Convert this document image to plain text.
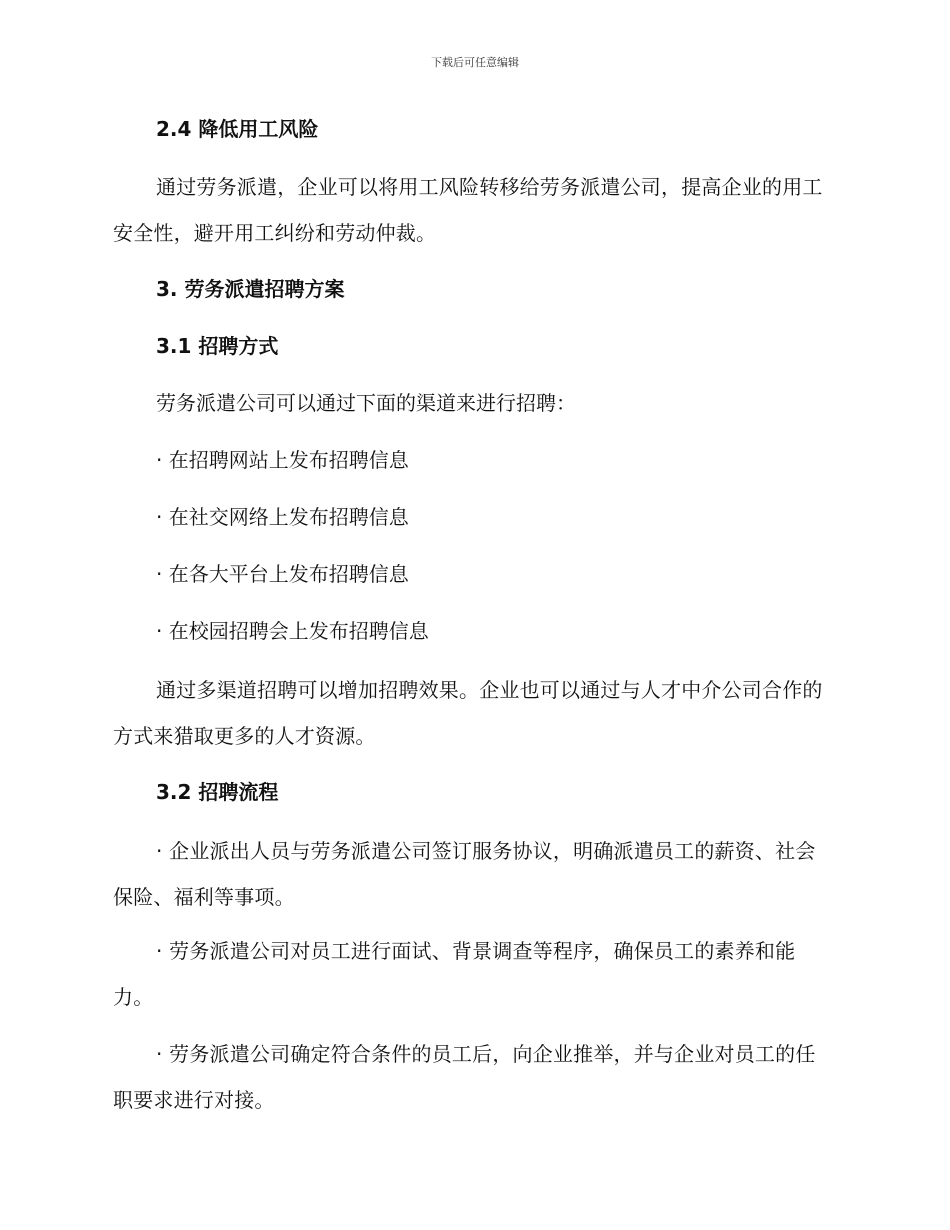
下载后可任意编辑
2.4 降低用工风险

通过劳务派遣，企业可以将用工风险转移给劳务派遣公司，提高企业的用工安全性，避开用工纠纷和劳动仲裁。

3. 劳务派遣招聘方案
3.1 招聘方式
劳务派遣公司可以通过下面的渠道来进行招聘：
· 在招聘网站上发布招聘信息
· 在社交网络上发布招聘信息
· 在各大平台上发布招聘信息
· 在校园招聘会上发布招聘信息

通过多渠道招聘可以增加招聘效果。企业也可以通过与人才中介公司合作的方式来猎取更多的人才资源。

3.2 招聘流程

· 企业派出人员与劳务派遣公司签订服务协议，明确派遣员工的薪资、社会保险、福利等事项。

· 劳务派遣公司对员工进行面试、背景调查等程序，确保员工的素养和能力。

· 劳务派遣公司确定符合条件的员工后，向企业推举，并与企业对员工的任职要求进行对接。
